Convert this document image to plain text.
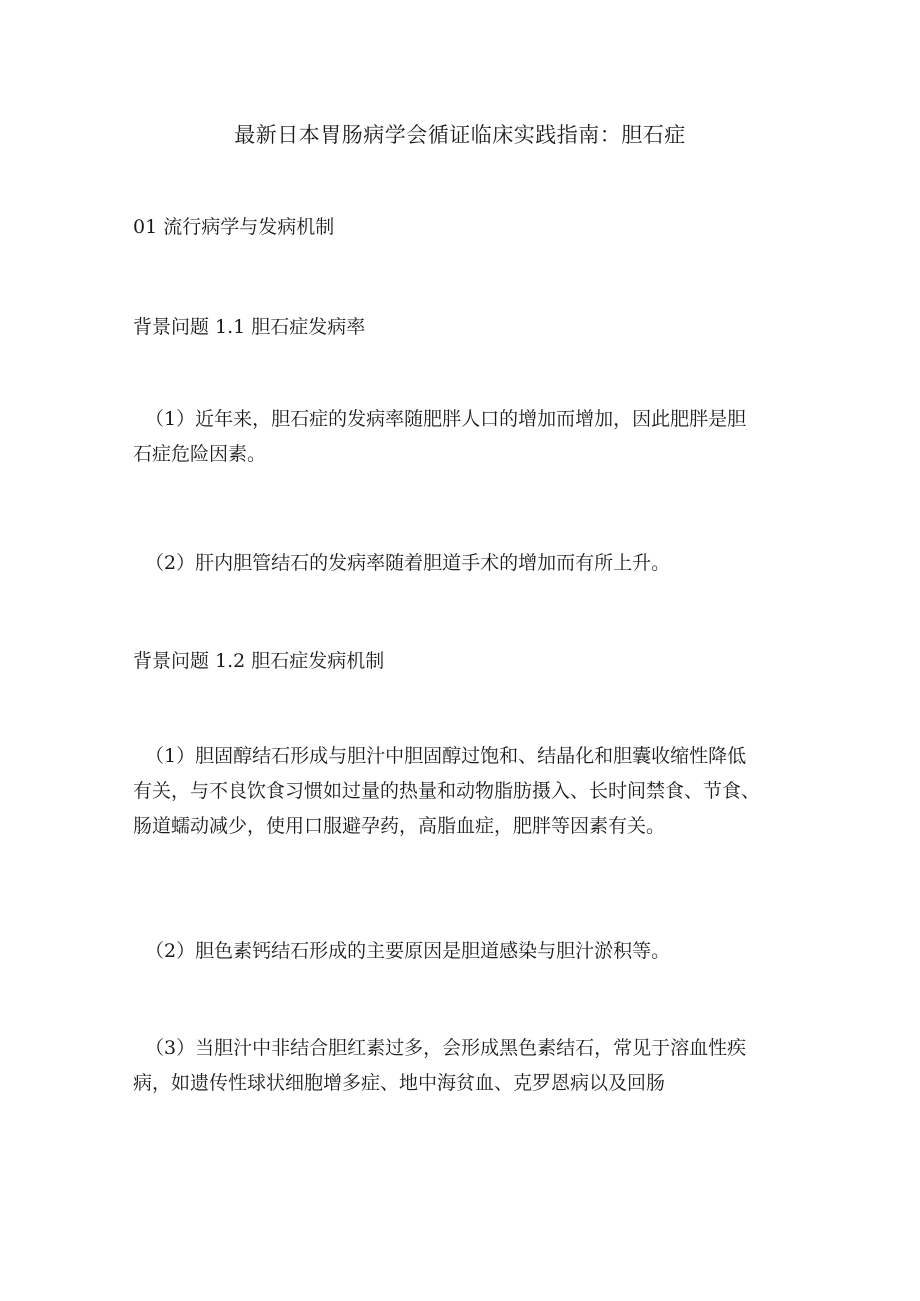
最新日本胃肠病学会循证临床实践指南：胆石症
01 流行病学与发病机制
背景问题 1.1 胆石症发病率
（1）近年来，胆石症的发病率随肥胖人口的增加而增加，因此肥胖是胆
石症危险因素。
（2）肝内胆管结石的发病率随着胆道手术的增加而有所上升。
背景问题 1.2 胆石症发病机制
（1）胆固醇结石形成与胆汁中胆固醇过饱和、结晶化和胆囊收缩性降低
有关，与不良饮食习惯如过量的热量和动物脂肪摄入、长时间禁食、节食、
肠道蠕动减少，使用口服避孕药，高脂血症，肥胖等因素有关。
（2）胆色素钙结石形成的主要原因是胆道感染与胆汁淤积等。
（3）当胆汁中非结合胆红素过多，会形成黑色素结石，常见于溶血性疾
病，如遗传性球状细胞增多症、地中海贫血、克罗恩病以及回肠
